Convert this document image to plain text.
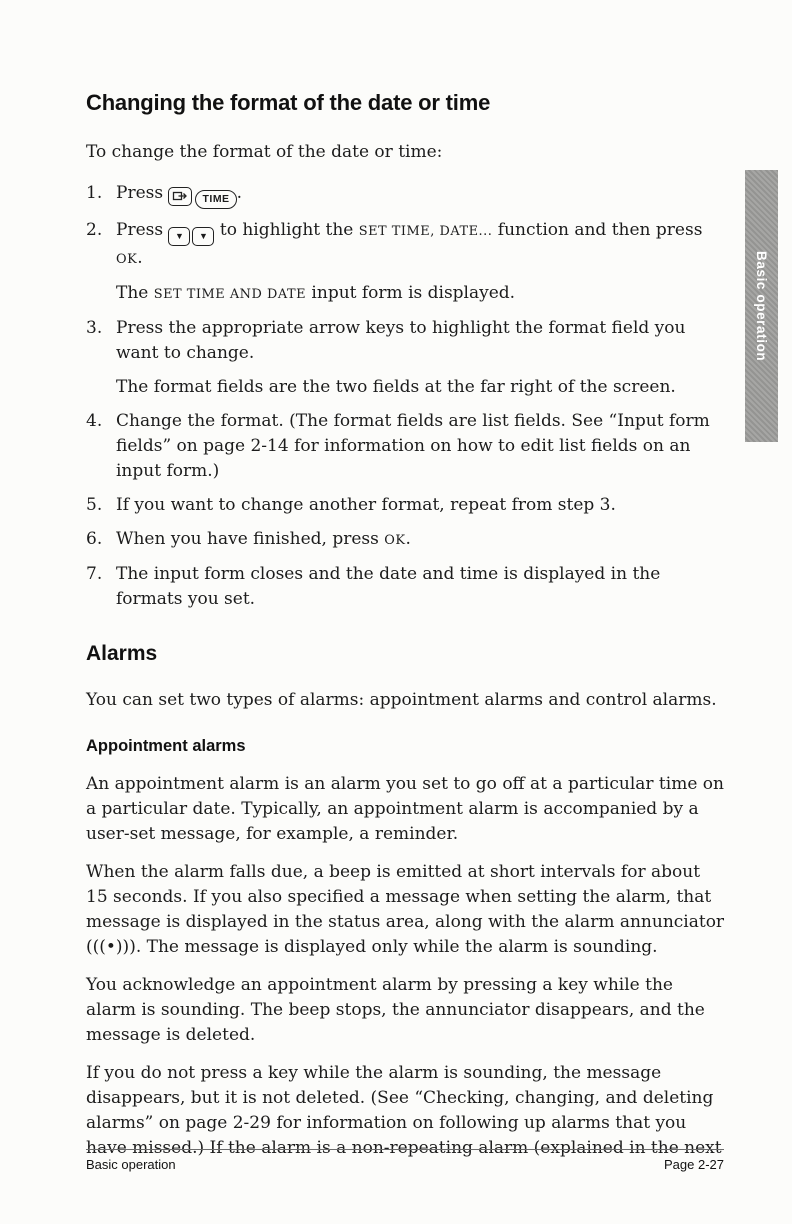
Basic operation
Changing the format of the date or time

To change the format of the date or time:

1. Press	TIME .

2. Press ▼ ▼ to highlight the SET TIME, DATE... function and then press OK.

The SET TIME AND DATE input form is displayed.

3. Press the appropriate arrow keys to highlight the format field you want to change.

The format fields are the two fields at the far right of the screen.

4. Change the format. (The format fields are list fields. See “Input form fields” on page 2-14 for information on how to edit list fields on an input form.)

5. If you want to change another format, repeat from step 3.

6. When you have finished, press OK.

7. The input form closes and the date and time is displayed in the formats you set.

Alarms

You can set two types of alarms: appointment alarms and control alarms.

Appointment alarms

An appointment alarm is an alarm you set to go off at a particular time on a particular date. Typically, an appointment alarm is accompanied by a user-set message, for example, a reminder.

When the alarm falls due, a beep is emitted at short intervals for about 15 seconds. If you also specified a message when setting the alarm, that message is displayed in the status area, along with the alarm annunciator (((•))). The message is displayed only while the alarm is sounding.

You acknowledge an appointment alarm by pressing a key while the alarm is sounding. The beep stops, the annunciator disappears, and the message is deleted.

If you do not press a key while the alarm is sounding, the message disappears, but it is not deleted. (See “Checking, changing, and deleting alarms” on page 2-29 for information on following up alarms that you have missed.) If the alarm is a non-repeating alarm (explained in the next

Basic operation	Page 2-27
